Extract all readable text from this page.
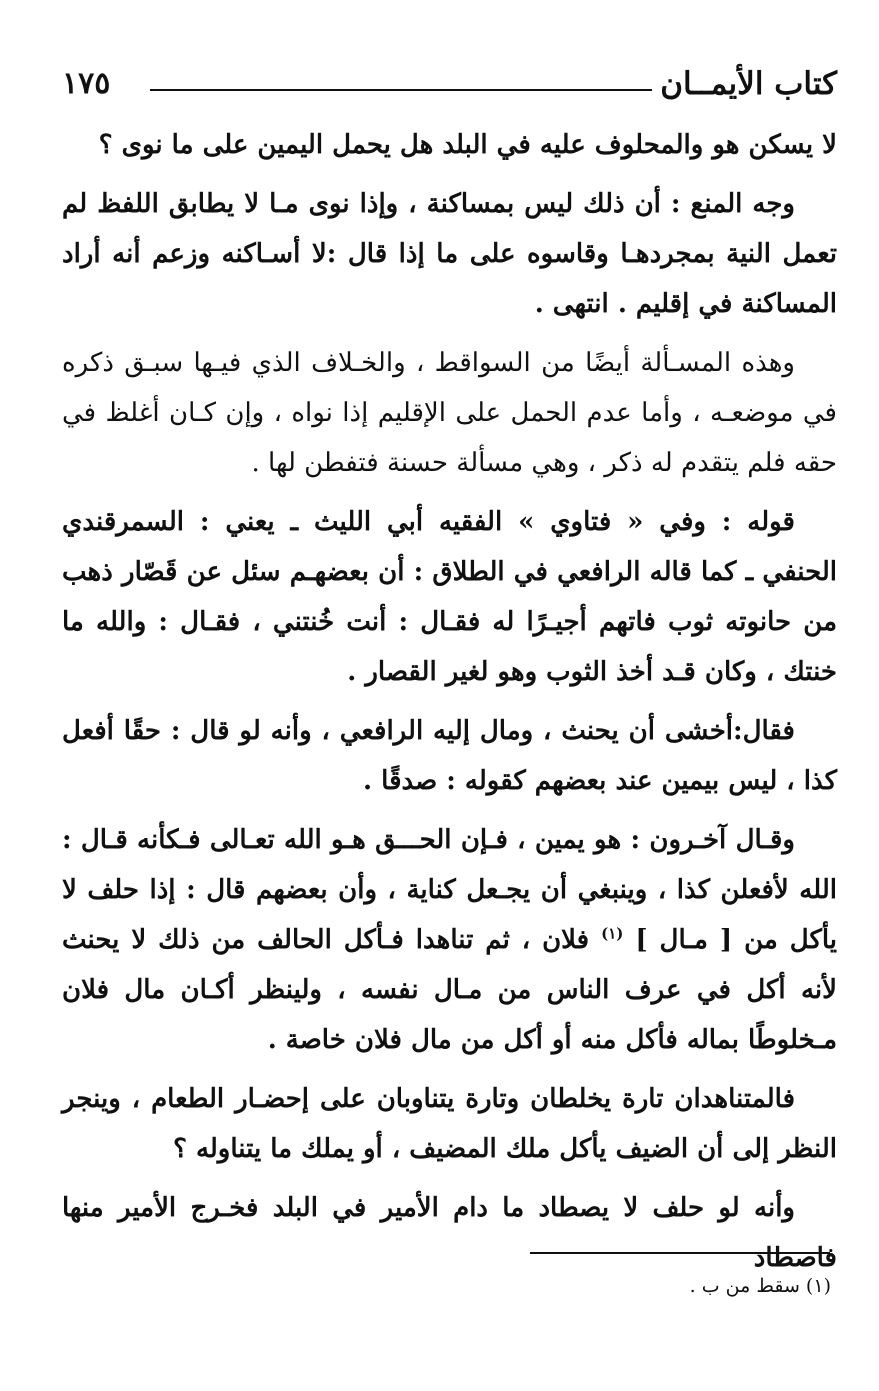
كتاب الأيمــان
١٧٥

لا يسكن هو والمحلوف عليه في البلد هل يحمل اليمين على ما نوى ؟

وجه المنع : أن ذلك ليس بمساكنة ، وإذا نوى مـا لا يطابق اللفظ لم تعمل النية بمجردهـا وقاسوه على ما إذا قال :لا أسـاكنه وزعم أنه أراد المساكنة في إقليم . انتهى .

وهذه المسـألة أيضًا من السواقط ، والخـلاف الذي فيـها سبـق ذكره في موضعـه ، وأما عدم الحمل على الإقليم إذا نواه ، وإن كـان أغلظ في حقه فلم يتقدم له ذكر ، وهي مسألة حسنة فتفطن لها .

قوله : وفي « فتاوي » الفقيه أبي الليث ـ يعني : السمرقندي الحنفي ـ كما قاله الرافعي في الطلاق : أن بعضهـم سئل عن قَصّار ذهب من حانوته ثوب فاتهم أجيـرًا له فقـال : أنت خُنتني ، فقـال : والله ما خنتك ، وكان قـد أخذ الثوب وهو لغير القصار .

فقال:أخشى أن يحنث ، ومال إليه الرافعي ، وأنه لو قال : حقًا أفعل كذا ، ليس بيمين عند بعضهم كقوله : صدقًا .

وقـال آخـرون : هو يمين ، فـإن الحـــق هـو الله تعـالى فـكأنه قـال : الله لأفعلن كذا ، وينبغي أن يجـعل كناية ، وأن بعضهم قال : إذا حلف لا يأكل من [ مـال ] $^{(١)}$ فلان ، ثم تناهدا فـأكل الحالف من ذلك لا يحنث لأنه أكل في عرف الناس من مـال نفسه ، ولينظر أكـان مال فلان مـخلوطًا بماله فأكل منه أو أكل من مال فلان خاصة .

فالمتناهدان تارة يخلطان وتارة يتناوبان على إحضـار الطعام ، وينجر النظر إلى أن الضيف يأكل ملك المضيف ، أو يملك ما يتناوله ؟

وأنه لو حلف لا يصطاد ما دام الأمير في البلد فخـرج الأمير منها فاصطاد

(١) سقط من ب .
